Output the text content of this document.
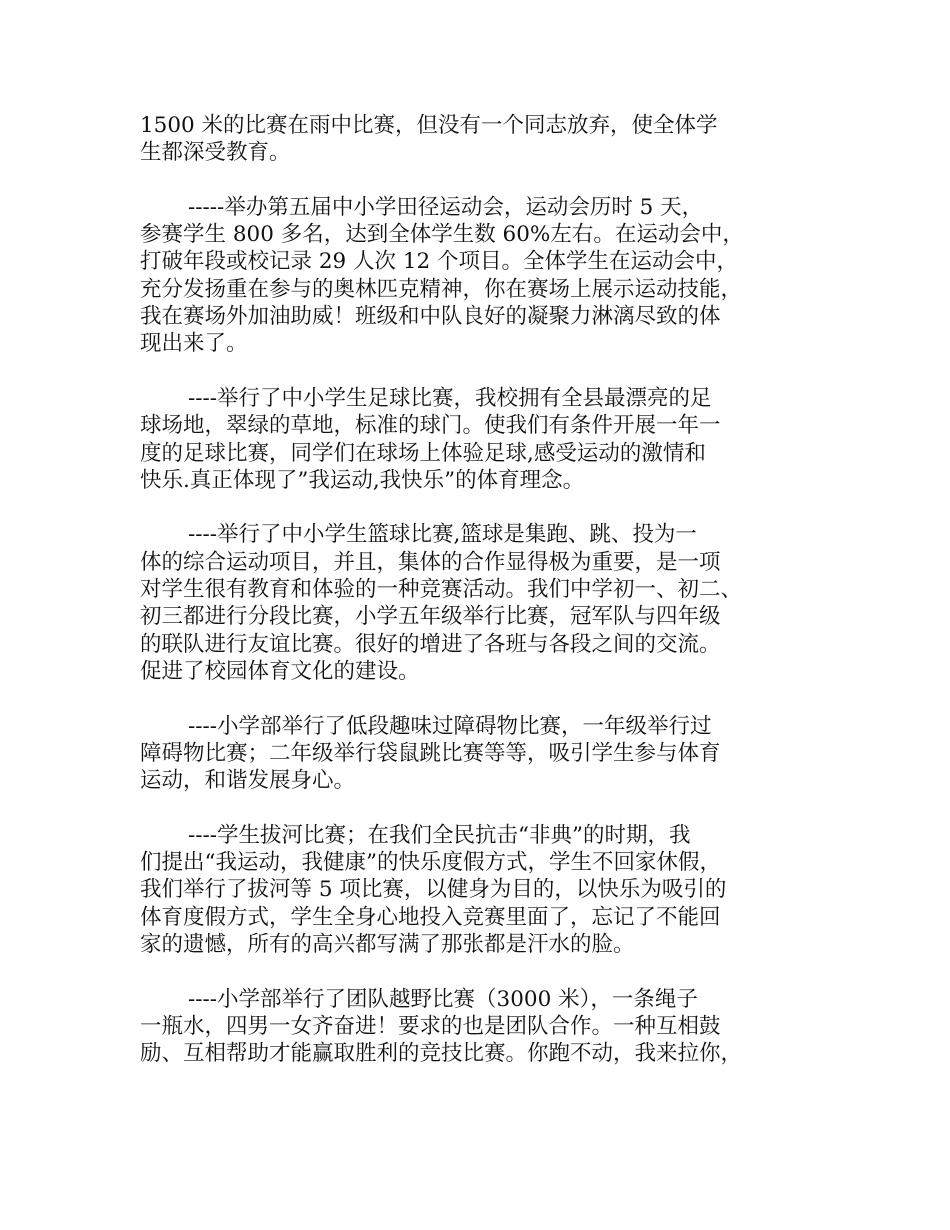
1500 米的比赛在雨中比赛，但没有一个同志放弃，使全体学
生都深受教育。

-----举办第五届中小学田径运动会，运动会历时 5 天，
参赛学生 800 多名，达到全体学生数 60%左右。在运动会中，
打破年段或校记录 29 人次 12 个项目。全体学生在运动会中，
充分发扬重在参与的奥林匹克精神，你在赛场上展示运动技能，
我在赛场外加油助威！班级和中队良好的凝聚力淋漓尽致的体
现出来了。

----举行了中小学生足球比赛，我校拥有全县最漂亮的足
球场地，翠绿的草地，标准的球门。使我们有条件开展一年一
度的足球比赛，同学们在球场上体验足球,感受运动的激情和
快乐.真正体现了”我运动,我快乐”的体育理念。

----举行了中小学生篮球比赛,篮球是集跑、跳、投为一
体的综合运动项目，并且，集体的合作显得极为重要，是一项
对学生很有教育和体验的一种竞赛活动。我们中学初一、初二、
初三都进行分段比赛，小学五年级举行比赛，冠军队与四年级
的联队进行友谊比赛。很好的增进了各班与各段之间的交流。
促进了校园体育文化的建设。

----小学部举行了低段趣味过障碍物比赛，一年级举行过
障碍物比赛；二年级举行袋鼠跳比赛等等，吸引学生参与体育
运动，和谐发展身心。

----学生拔河比赛；在我们全民抗击“非典”的时期，我
们提出“我运动，我健康”的快乐度假方式，学生不回家休假，
我们举行了拔河等 5 项比赛，以健身为目的，以快乐为吸引的
体育度假方式，学生全身心地投入竞赛里面了，忘记了不能回
家的遗憾，所有的高兴都写满了那张都是汗水的脸。

----小学部举行了团队越野比赛（3000 米），一条绳子
一瓶水，四男一女齐奋进！要求的也是团队合作。一种互相鼓
励、互相帮助才能赢取胜利的竞技比赛。你跑不动，我来拉你，
